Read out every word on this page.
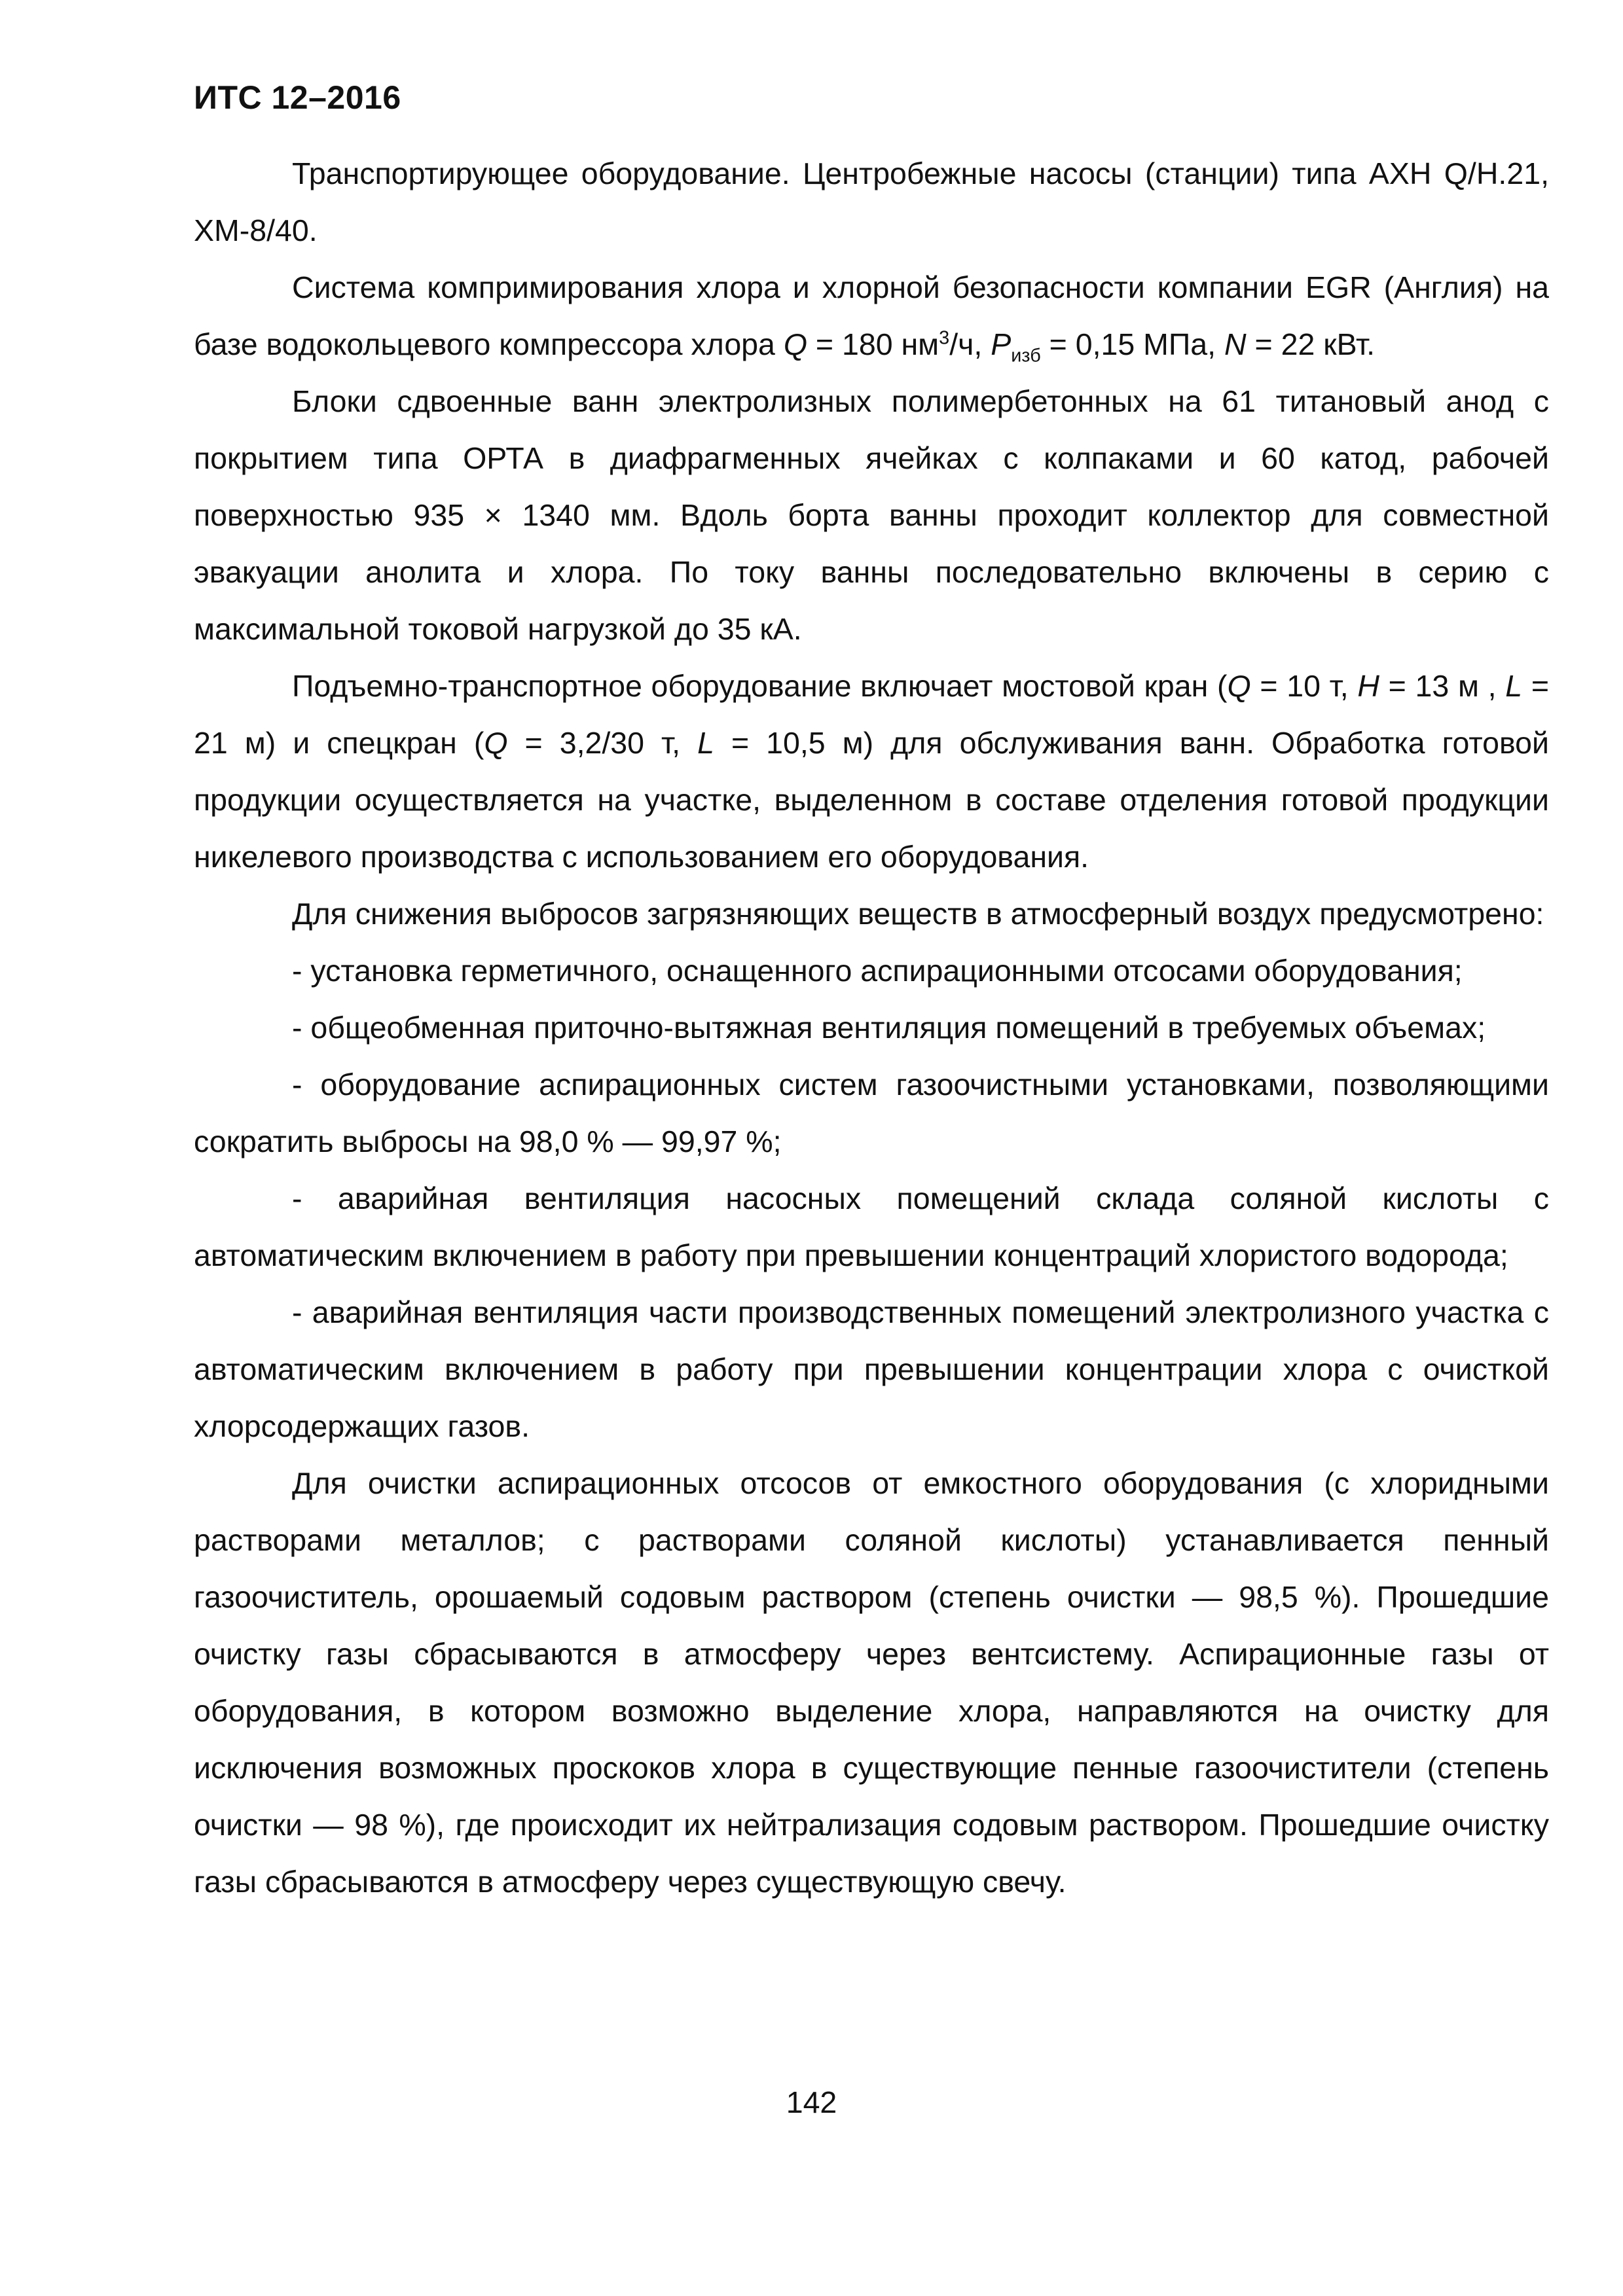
ИТС 12–2016

Транспортирующее оборудование. Центробежные насосы (станции) типа АХН Q/Н.21, ХМ-8/40.

Система компримирования хлора и хлорной безопасности компании EGR (Англия) на базе водокольцевого компрессора хлора Q = 180 $нм^3/ч$, $P_{изб} = 0,15$ МПа, N = 22 кВт.

Блоки сдвоенные ванн электролизных полимербетонных на 61 титановый анод с покрытием типа ОРТА в диафрагменных ячейках с колпаками и 60 катод, рабочей поверхностью 935 × 1340 мм. Вдоль борта ванны проходит коллектор для совместной эвакуации анолита и хлора. По току ванны последовательно включены в серию с максимальной токовой нагрузкой до 35 кА.

Подъемно-транспортное оборудование включает мостовой кран (Q = 10 т, H = 13 м , L = 21 м) и спецкран (Q = 3,2/30 т, L = 10,5 м) для обслуживания ванн. Обработка готовой продукции осуществляется на участке, выделенном в составе отделения готовой продукции никелевого производства с использованием его оборудования.

Для снижения выбросов загрязняющих веществ в атмосферный воздух предусмотрено:

- установка герметичного, оснащенного аспирационными отсосами оборудования;

- общеобменная приточно-вытяжная вентиляция помещений в требуемых объемах;

- оборудование аспирационных систем газоочистными установками, позволяющими сократить выбросы на 98,0 % — 99,97 %;

- аварийная вентиляция насосных помещений склада соляной кислоты с автоматическим включением в работу при превышении концентраций хлористого водорода;

- аварийная вентиляция части производственных помещений электролизного участка с автоматическим включением в работу при превышении концентрации хлора с очисткой хлорсодержащих газов.

Для очистки аспирационных отсосов от емкостного оборудования (с хлоридными растворами металлов; с растворами соляной кислоты) устанавливается пенный газоочиститель, орошаемый содовым раствором (степень очистки — 98,5 %). Прошедшие очистку газы сбрасываются в атмосферу через вентсистему. Аспирационные газы от оборудования, в котором возможно выделение хлора, направляются на очистку для исключения возможных проскоков хлора в существующие пенные газоочистители (степень очистки — 98 %), где происходит их нейтрализация содовым раствором. Прошедшие очистку газы сбрасываются в атмосферу через существующую свечу.

142
